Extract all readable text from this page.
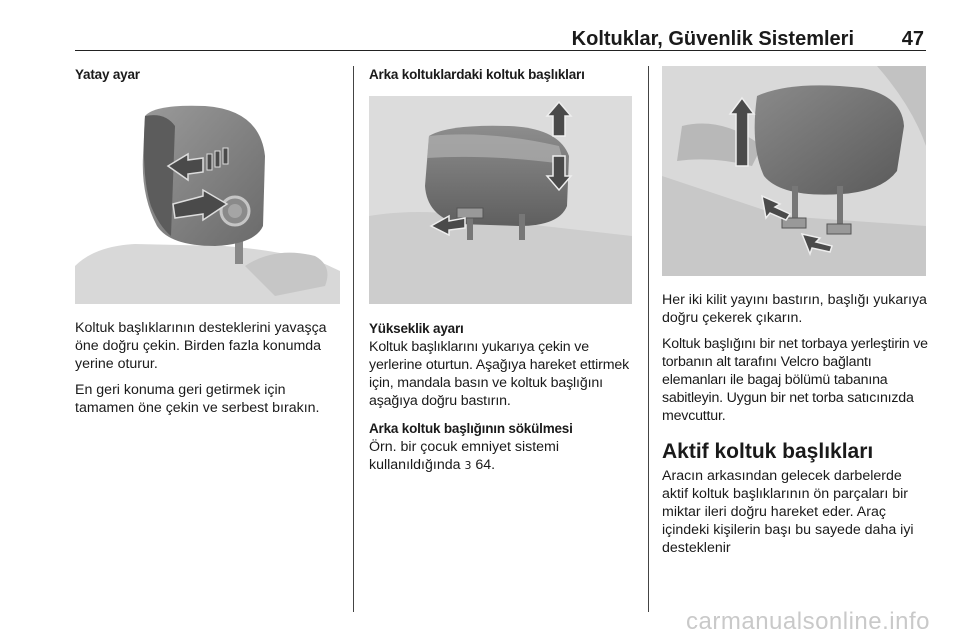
Koltuklar, Güvenlik Sistemleri 47
Yatay ayar

Koltuk başlıklarının desteklerini yavaşça öne doğru çekin. Birden fazla konumda yerine oturur.

En geri konuma geri getirmek için tamamen öne çekin ve serbest bırakın.

Arka koltuklardaki koltuk başlıkları
Yükseklik ayarı

Koltuk başlıklarını yukarıya çekin ve yerlerine oturtun. Aşağıya hareket ettirmek için, mandala basın ve koltuk başlığını aşağıya doğru bastırın.

Arka koltuk başlığının sökülmesi

Örn. bir çocuk emniyet sistemi kullanıldığında 3 64.

Her iki kilit yayını bastırın, başlığı yukarıya doğru çekerek çıkarın.

Koltuk başlığını bir net torbaya yerleştirin ve torbanın alt tarafını Velcro bağlantı elemanları ile bagaj bölümü tabanına sabitleyin. Uygun bir net torba satıcınızda mevcuttur.

Aktif koltuk başlıkları

Aracın arkasından gelecek darbelerde aktif koltuk başlıklarının ön parçaları bir miktar ileri doğru hareket eder. Araç içindeki kişilerin başı bu sayede daha iyi desteklenir

carmanualsonline.info
